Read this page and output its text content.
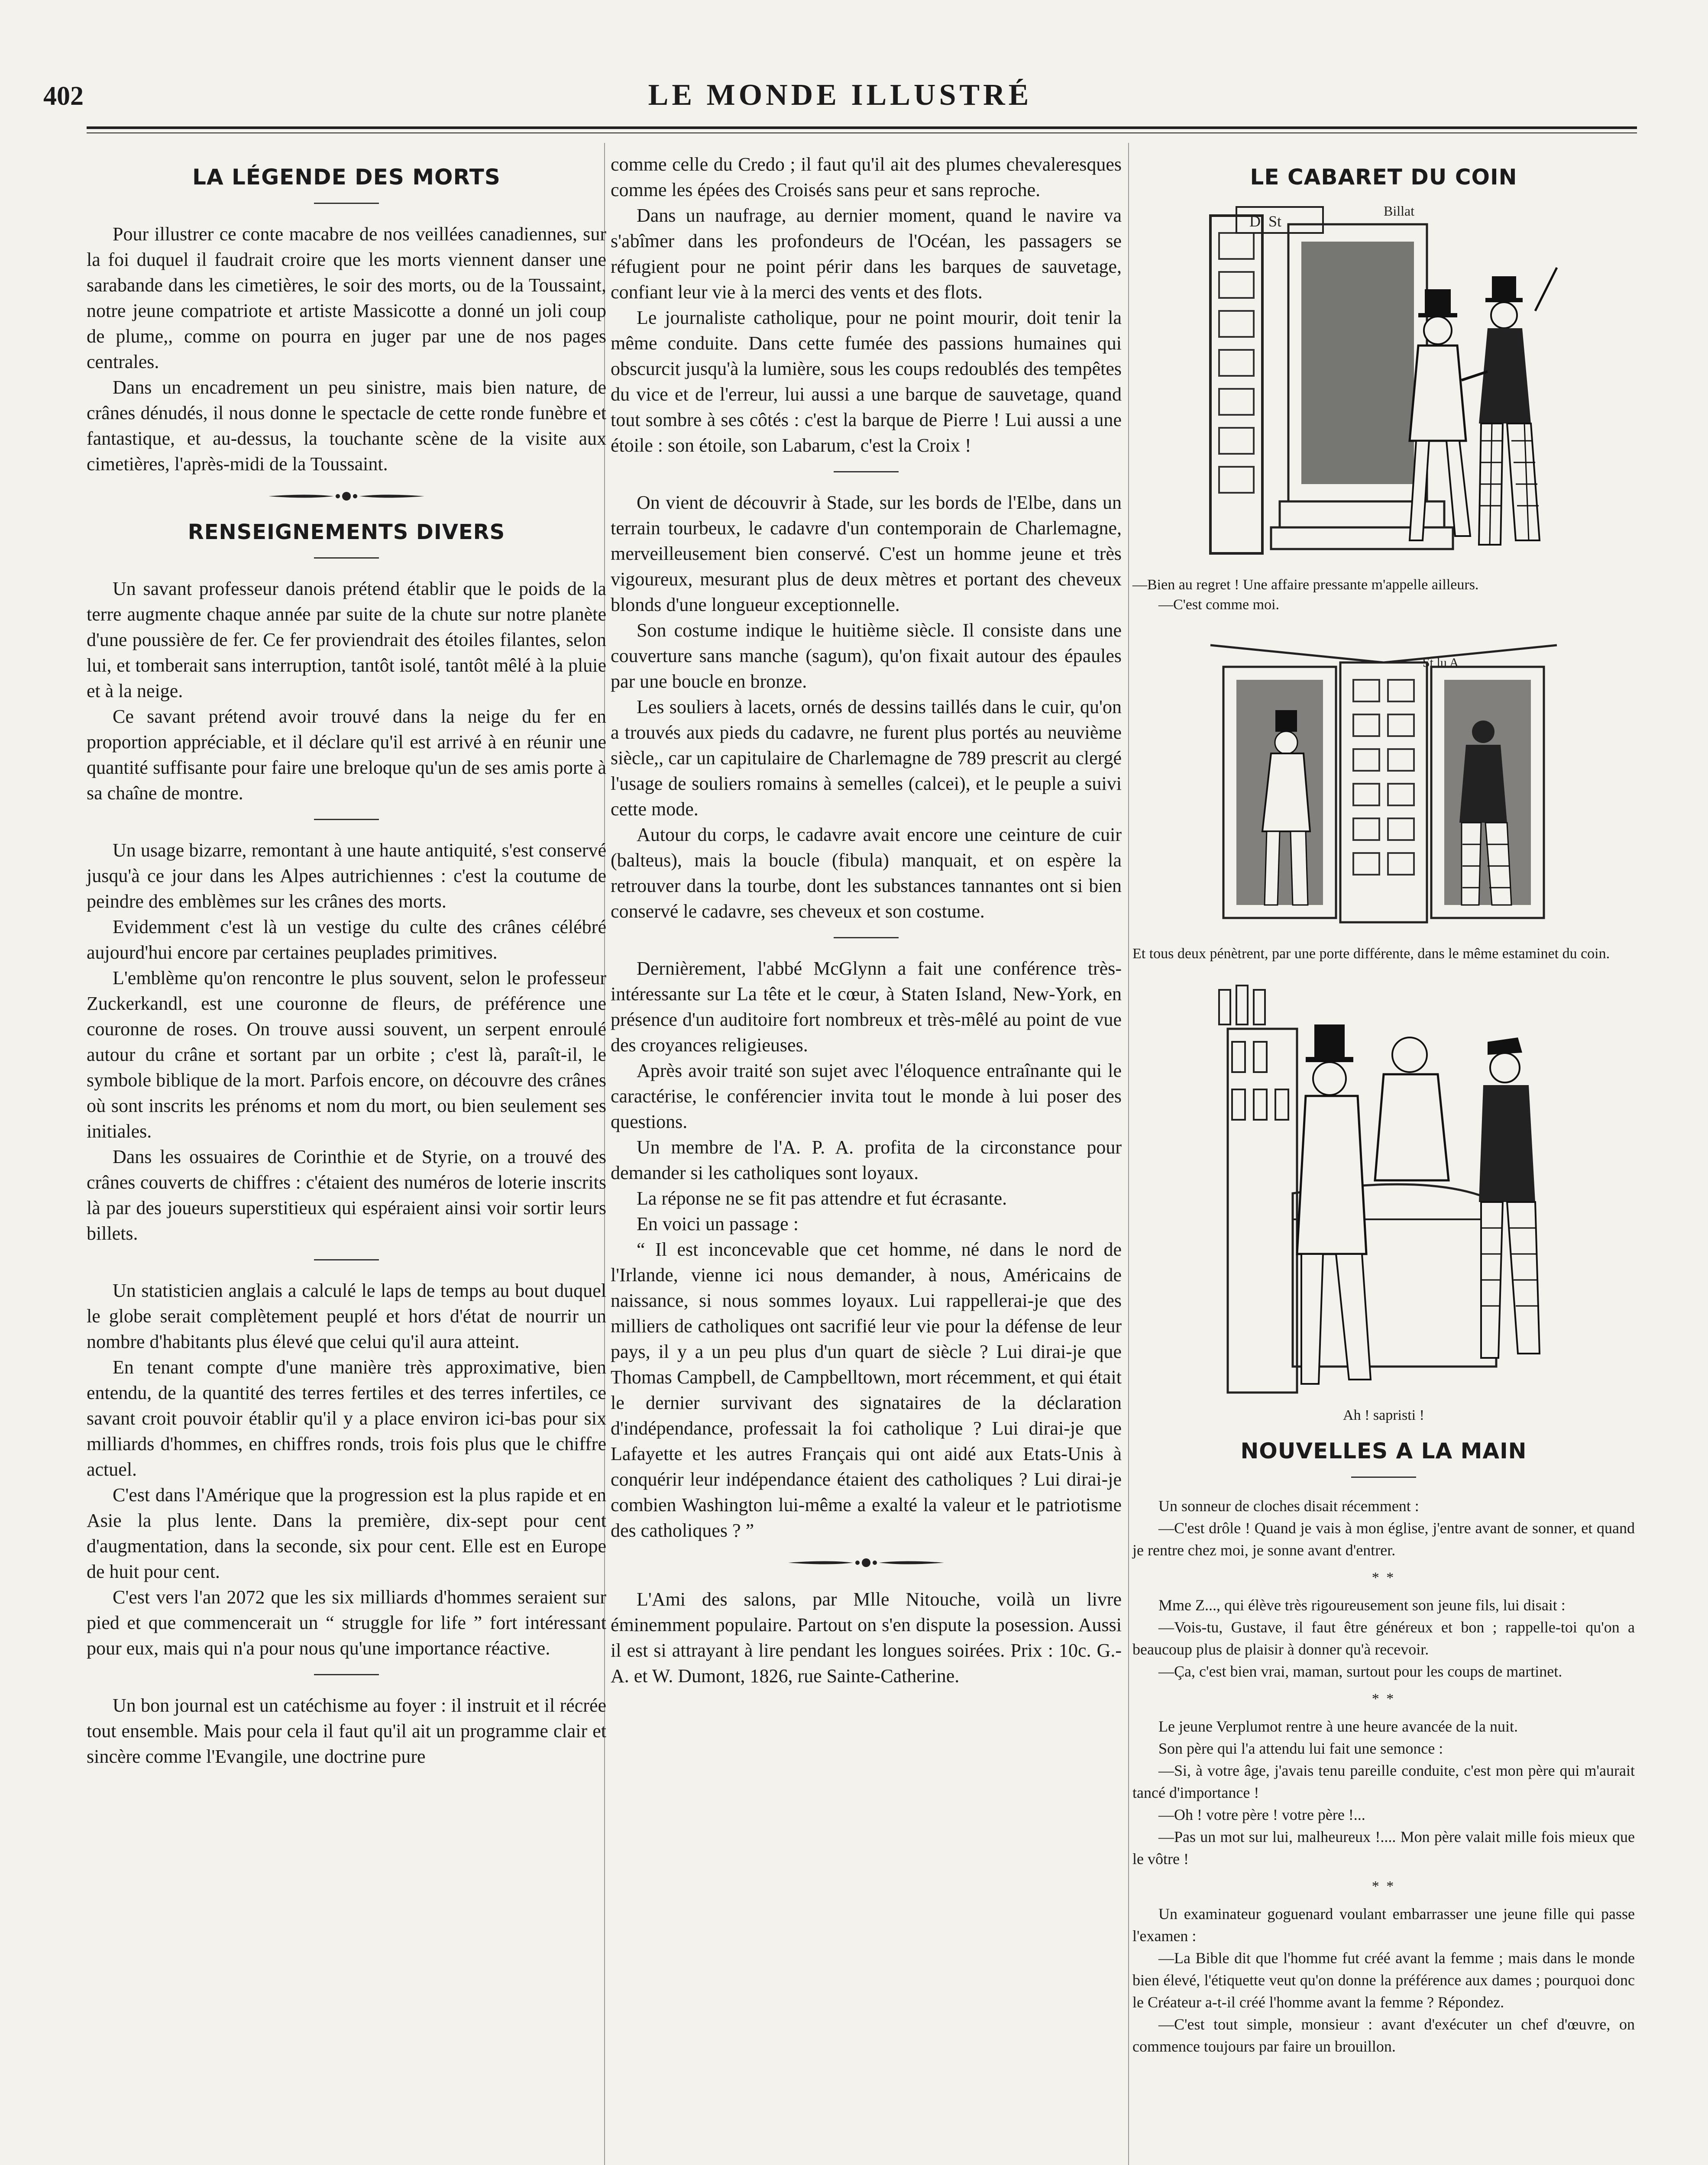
402	LE MONDE ILLUSTRÉ
LA LÉGENDE DES MORTS

Pour illustrer ce conte macabre de nos veillées canadiennes, sur la foi duquel il faudrait croire que les morts viennent danser une sarabande dans les cimetières, le soir des morts, ou de la Toussaint, notre jeune compatriote et artiste Massicotte a donné un joli coup de plume,, comme on pourra en juger par une de nos pages centrales.

Dans un encadrement un peu sinistre, mais bien nature, de crânes dénudés, il nous donne le spectacle de cette ronde funèbre et fantastique, et au-dessus, la touchante scène de la visite aux cimetières, l'après-midi de la Toussaint.

RENSEIGNEMENTS DIVERS

Un savant professeur danois prétend établir que le poids de la terre augmente chaque année par suite de la chute sur notre planète d'une poussière de fer. Ce fer proviendrait des étoiles filantes, selon lui, et tomberait sans interruption, tantôt isolé, tantôt mêlé à la pluie et à la neige.

Ce savant prétend avoir trouvé dans la neige du fer en proportion appréciable, et il déclare qu'il est arrivé à en réunir une quantité suffisante pour faire une breloque qu'un de ses amis porte à sa chaîne de montre.

Un usage bizarre, remontant à une haute antiquité, s'est conservé jusqu'à ce jour dans les Alpes autrichiennes : c'est la coutume de peindre des emblèmes sur les crânes des morts.

Evidemment c'est là un vestige du culte des crânes célébré aujourd'hui encore par certaines peuplades primitives.

L'emblème qu'on rencontre le plus souvent, selon le professeur Zuckerkandl, est une couronne de fleurs, de préférence une couronne de roses. On trouve aussi souvent, un serpent enroulé autour du crâne et sortant par un orbite ; c'est là, paraît-il, le symbole biblique de la mort. Parfois encore, on découvre des crânes où sont inscrits les prénoms et nom du mort, ou bien seulement ses initiales.

Dans les ossuaires de Corinthie et de Styrie, on a trouvé des crânes couverts de chiffres : c'étaient des numéros de loterie inscrits là par des joueurs superstitieux qui espéraient ainsi voir sortir leurs billets.

Un statisticien anglais a calculé le laps de temps au bout duquel le globe serait complètement peuplé et hors d'état de nourrir un nombre d'habitants plus élevé que celui qu'il aura atteint.

En tenant compte d'une manière très approximative, bien entendu, de la quantité des terres fertiles et des terres infertiles, ce savant croit pouvoir établir qu'il y a place environ ici-bas pour six milliards d'hommes, en chiffres ronds, trois fois plus que le chiffre actuel.

C'est dans l'Amérique que la progression est la plus rapide et en Asie la plus lente. Dans la première, dix-sept pour cent d'augmentation, dans la seconde, six pour cent. Elle est en Europe de huit pour cent.

C'est vers l'an 2072 que les six milliards d'hommes seraient sur pied et que commencerait un “ struggle for life ” fort intéressant pour eux, mais qui n'a pour nous qu'une importance réactive.

Un bon journal est un catéchisme au foyer : il instruit et il récrée tout ensemble. Mais pour cela il faut qu'il ait un programme clair et sincère comme l'Evangile, une doctrine pure

comme celle du Credo ; il faut qu'il ait des plumes chevaleresques comme les épées des Croisés sans peur et sans reproche.

Dans un naufrage, au dernier moment, quand le navire va s'abîmer dans les profondeurs de l'Océan, les passagers se réfugient pour ne point périr dans les barques de sauvetage, confiant leur vie à la merci des vents et des flots.

Le journaliste catholique, pour ne point mourir, doit tenir la même conduite. Dans cette fumée des passions humaines qui obscurcit jusqu'à la lumière, sous les coups redoublés des tempêtes du vice et de l'erreur, lui aussi a une barque de sauvetage, quand tout sombre à ses côtés : c'est la barque de Pierre ! Lui aussi a une étoile : son étoile, son Labarum, c'est la Croix !

On vient de découvrir à Stade, sur les bords de l'Elbe, dans un terrain tourbeux, le cadavre d'un contemporain de Charlemagne, merveilleusement bien conservé. C'est un homme jeune et très vigoureux, mesurant plus de deux mètres et portant des cheveux blonds d'une longueur exceptionnelle.

Son costume indique le huitième siècle. Il consiste dans une couverture sans manche (sagum), qu'on fixait autour des épaules par une boucle en bronze.

Les souliers à lacets, ornés de dessins taillés dans le cuir, qu'on a trouvés aux pieds du cadavre, ne furent plus portés au neuvième siècle,, car un capitulaire de Charlemagne de 789 prescrit au clergé l'usage de souliers romains à semelles (calcei), et le peuple a suivi cette mode.

Autour du corps, le cadavre avait encore une ceinture de cuir (balteus), mais la boucle (fibula) manquait, et on espère la retrouver dans la tourbe, dont les substances tannantes ont si bien conservé le cadavre, ses cheveux et son costume.

Dernièrement, l'abbé McGlynn a fait une conférence très-intéressante sur La tête et le cœur, à Staten Island, New-York, en présence d'un auditoire fort nombreux et très-mêlé au point de vue des croyances religieuses.

Après avoir traité son sujet avec l'éloquence entraînante qui le caractérise, le conférencier invita tout le monde à lui poser des questions.

Un membre de l'A. P. A. profita de la circonstance pour demander si les catholiques sont loyaux.

La réponse ne se fit pas attendre et fut écrasante.

En voici un passage :

“ Il est inconcevable que cet homme, né dans le nord de l'Irlande, vienne ici nous demander, à nous, Américains de naissance, si nous sommes loyaux. Lui rappellerai-je que des milliers de catholiques ont sacrifié leur vie pour la défense de leur pays, il y a un peu plus d'un quart de siècle ? Lui dirai-je que Thomas Campbell, de Campbelltown, mort récemment, et qui était le dernier survivant des signataires de la déclaration d'indépendance, professait la foi catholique ? Lui dirai-je que Lafayette et les autres Français qui ont aidé aux Etats-Unis à conquérir leur indépendance étaient des catholiques ? Lui dirai-je combien Washington lui-même a exalté la valeur et le patriotisme des catholiques ? ”

L'Ami des salons, par Mlle Nitouche, voilà un livre éminemment populaire. Partout on s'en dispute la posession. Aussi il est si attrayant à lire pendant les longues soirées. Prix : 10c. G.-A. et W. Dumont, 1826, rue Sainte-Catherine.

LE CABARET DU COIN
D. St
Billat
—Bien au regret ! Une affaire pressante m'appelle ailleurs.
—C'est comme moi.
St lu A
Et tous deux pénètrent, par une porte différente, dans le même estaminet du coin.
Ah ! sapristi !
NOUVELLES A LA MAIN

Un sonneur de cloches disait récemment :

—C'est drôle ! Quand je vais à mon église, j'entre avant de sonner, et quand je rentre chez moi, je sonne avant d'entrer.

* *

Mme Z..., qui élève très rigoureusement son jeune fils, lui disait :

—Vois-tu, Gustave, il faut être généreux et bon ; rappelle-toi qu'on a beaucoup plus de plaisir à donner qu'à recevoir.

—Ça, c'est bien vrai, maman, surtout pour les coups de martinet.

* *

Le jeune Verplumot rentre à une heure avancée de la nuit.

Son père qui l'a attendu lui fait une semonce :

—Si, à votre âge, j'avais tenu pareille conduite, c'est mon père qui m'aurait tancé d'importance !

—Oh ! votre père ! votre père !...

—Pas un mot sur lui, malheureux !.... Mon père valait mille fois mieux que le vôtre !

* *

Un examinateur goguenard voulant embarrasser une jeune fille qui passe l'examen :

—La Bible dit que l'homme fut créé avant la femme ; mais dans le monde bien élevé, l'étiquette veut qu'on donne la préférence aux dames ; pourquoi donc le Créateur a-t-il créé l'homme avant la femme ? Répondez.

—C'est tout simple, monsieur : avant d'exécuter un chef d'œuvre, on commence toujours par faire un brouillon.
